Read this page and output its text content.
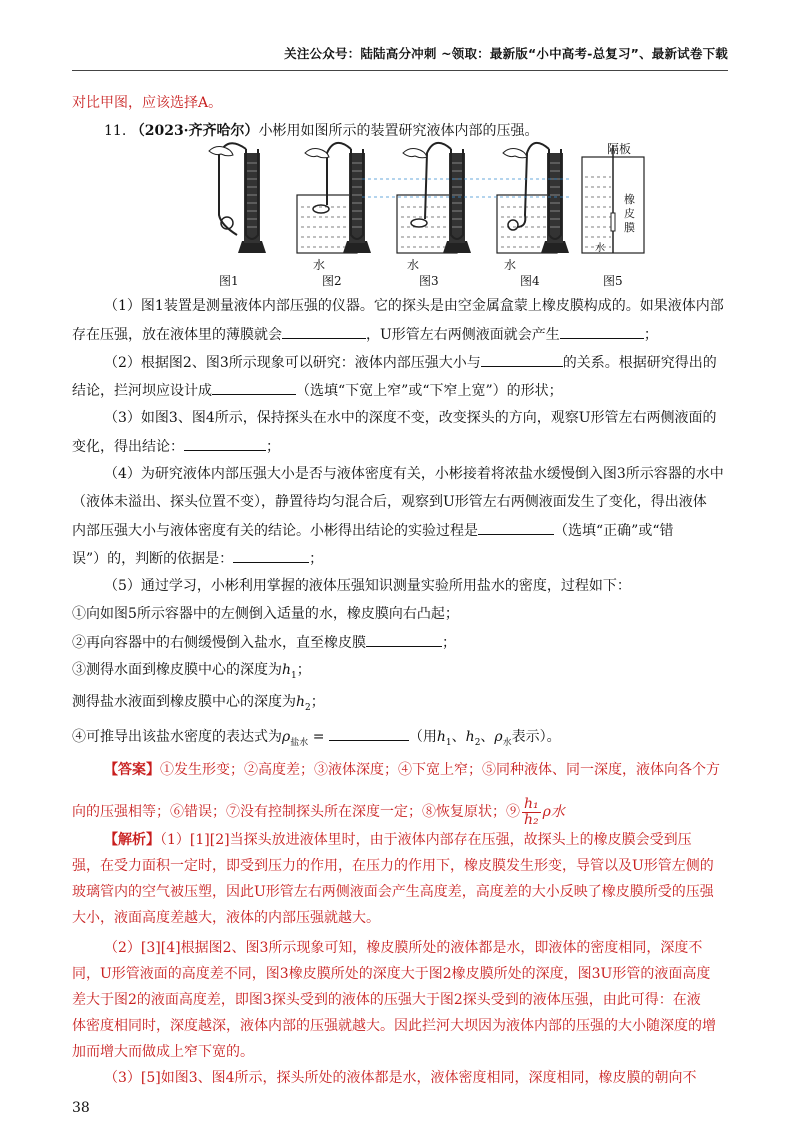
关注公众号：陆陆高分冲刺 ~领取：最新版“小中高考-总复习”、最新试卷下载
对比甲图，应该选择A。
11. （2023·齐齐哈尔）小彬用如图所示的装置研究液体内部的压强。
图1	图2	图3	图4	图5
水	水	水
隔板
橡
皮
膜
水
（1）图1装置是测量液体内部压强的仪器。它的探头是由空金属盒蒙上橡皮膜构成的。如果液体内部
存在压强，放在液体里的薄膜就会	，U形管左右两侧液面就会产生	；
（2）根据图2、图3所示现象可以研究：液体内部压强大小与	的关系。根据研究得出的
结论，拦河坝应设计成	（选填“下宽上窄”或“下窄上宽”）的形状；
（3）如图3、图4所示，保持探头在水中的深度不变，改变探头的方向，观察U形管左右两侧液面的
变化，得出结论：	；
（4）为研究液体内部压强大小是否与液体密度有关，小彬接着将浓盐水缓慢倒入图3所示容器的水中
（液体未溢出、探头位置不变），静置待均匀混合后，观察到U形管左右两侧液面发生了变化，得出液体
内部压强大小与液体密度有关的结论。小彬得出结论的实验过程是	（选填“正确”或“错
误”）的，判断的依据是：	；
（5）通过学习，小彬利用掌握的液体压强知识测量实验所用盐水的密度，过程如下：
①向如图5所示容器中的左侧倒入适量的水，橡皮膜向右凸起；
②再向容器中的右侧缓慢倒入盐水，直至橡皮膜	；
③测得水面到橡皮膜中心的深度为$h_1$；
测得盐水液面到橡皮膜中心的深度为$h_2$；
④可推导出该盐水密度的表达式为$\rho_{盐水}$ =	（用$h_1$、$h_2$、$\rho_水$表示）。
【答案】①发生形变；②高度差；③液体深度；④下宽上窄；⑤同种液体、同一深度，液体向各个方
向的压强相等；⑥错误；⑦没有控制探头所在深度一定；⑧恢复原状；⑨ $\frac{\text{h₁}}{\text{h₂}}$ ρ水
【解析】（1）[1][2]当探头放进液体里时，由于液体内部存在压强，故探头上的橡皮膜会受到压
强，在受力面积一定时，即受到压力的作用，在压力的作用下，橡皮膜发生形变，导管以及U形管左侧的
玻璃管内的空气被压塑，因此U形管左右两侧液面会产生高度差，高度差的大小反映了橡皮膜所受的压强
大小，液面高度差越大，液体的内部压强就越大。
（2）[3][4]根据图2、图3所示现象可知，橡皮膜所处的液体都是水，即液体的密度相同，深度不
同，U形管液面的高度差不同，图3橡皮膜所处的深度大于图2橡皮膜所处的深度，图3U形管的液面高度
差大于图2的液面高度差，即图3探头受到的液体的压强大于图2探头受到的液体压强，由此可得：在液
体密度相同时，深度越深，液体内部的压强就越大。因此拦河大坝因为液体内部的压强的大小随深度的增
加而增大而做成上窄下宽的。
（3）[5]如图3、图4所示，探头所处的液体都是水，液体密度相同，深度相同，橡皮膜的朝向不
38
